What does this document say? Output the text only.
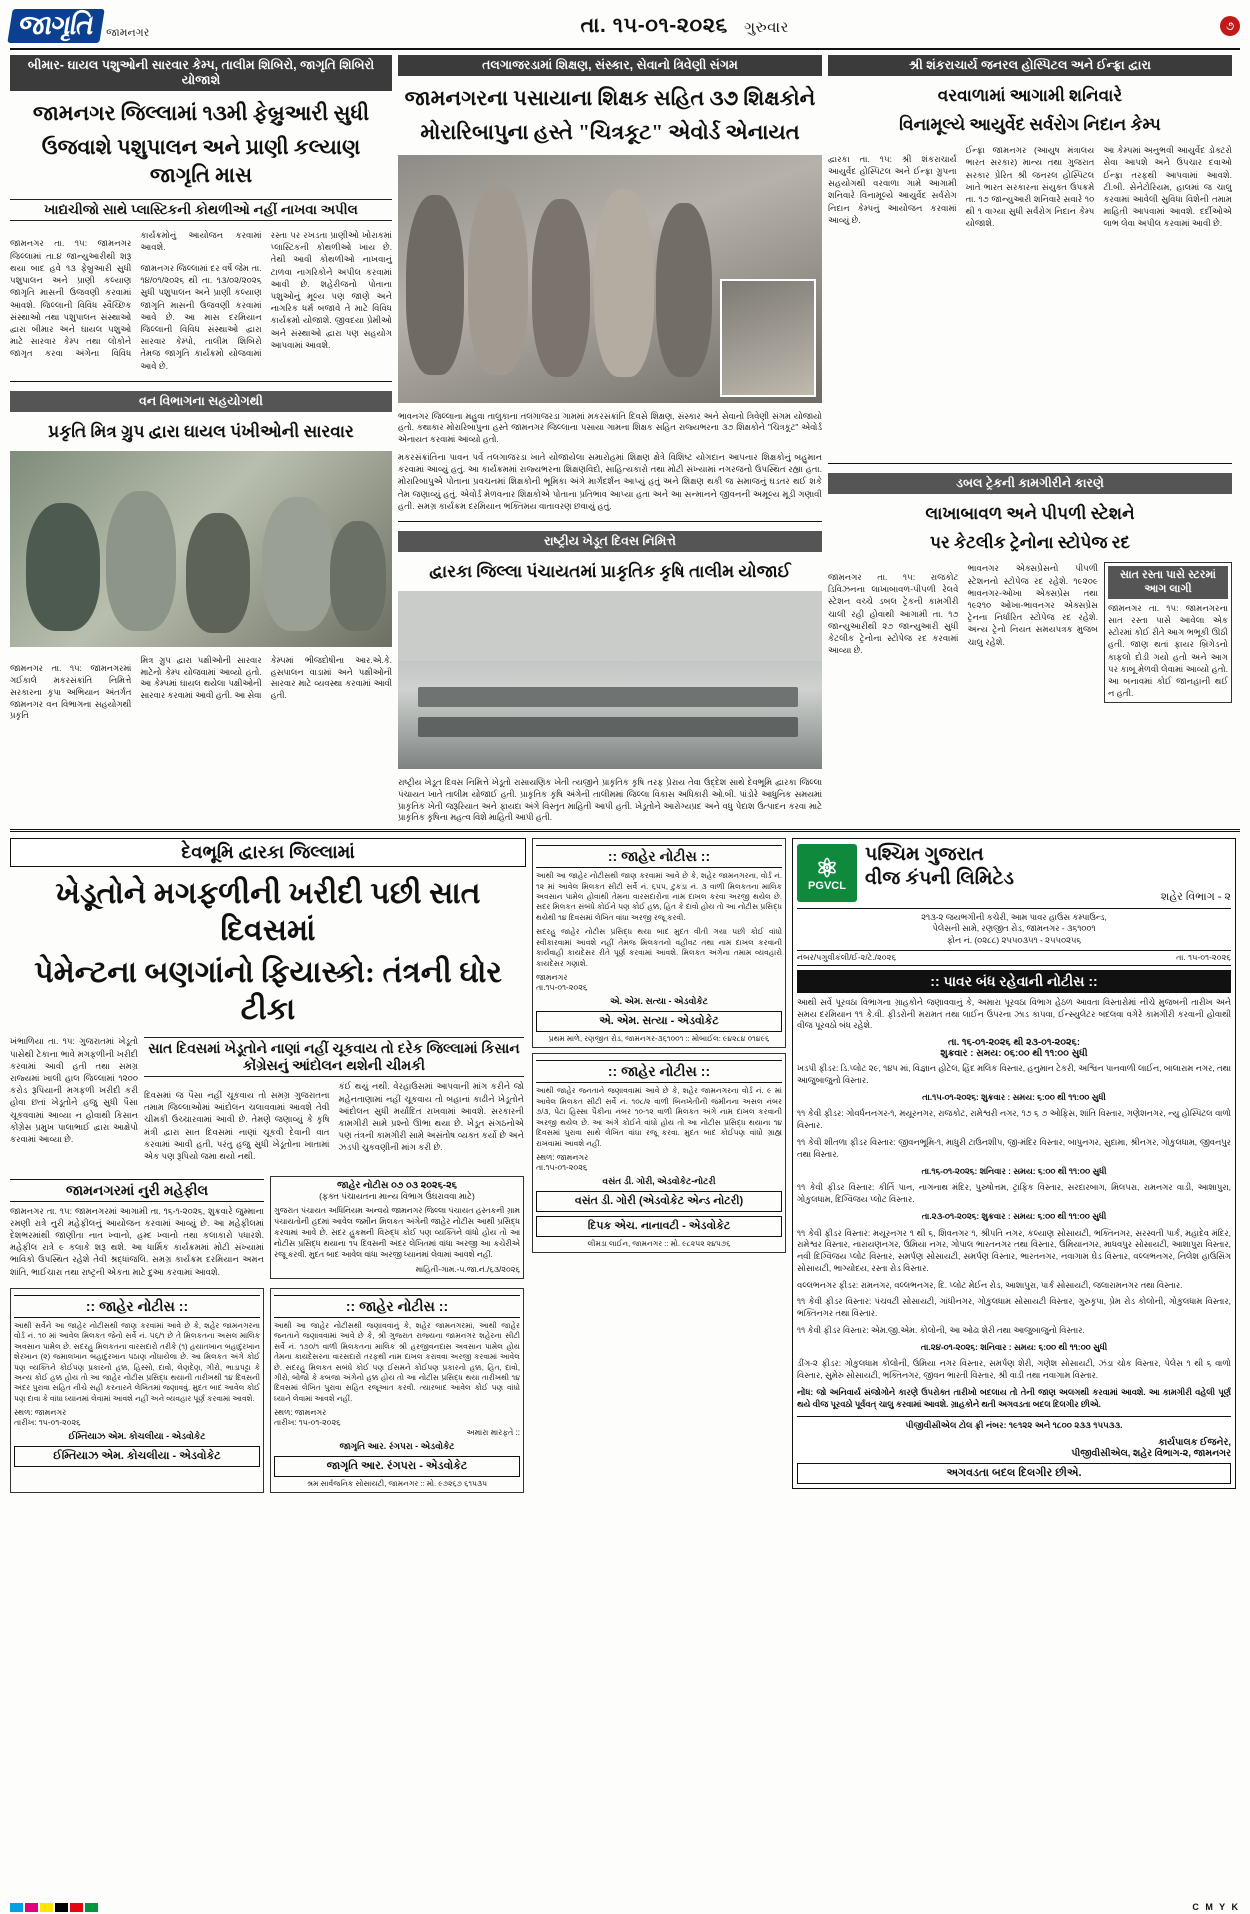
જાગૃતિ જામનગર	તા. ૧૫-૦૧-૨૦૨૬ ગુરુવાર	૭
બીમાર- ઘાયલ પશુઓની સારવાર કેમ્પ, તાલીમ શિબિરો, જાગૃતિ શિબિરો યોજાશે
જામનગર જિલ્લામાં ૧૩મી ફેબ્રુઆરી સુધી
ઉજવાશે પશુપાલન અને પ્રાણી કલ્યાણ જાગૃતિ માસ
ખાદ્યચીજો સાથે પ્લાસ્ટિકની કોથળીઓ નહીં નાખવા અપીલ

જામનગર તા. ૧૫: જામનગર જિલ્લામાં તા.૪ જાન્યુઆરીથી શરૂ થયા બાદ હવે ૧૩ ફેબ્રુઆરી સુધી પશુપાલન અને પ્રાણી કલ્યાણ જાગૃતિ માસની ઉજવણી કરવામાં આવશે. જિલ્લાની વિવિધ સ્વૈચ્છિક સંસ્થાઓ તથા પશુપાલન સંસ્થાઓ દ્વારા બીમાર અને ઘાયલ પશુઓ માટે સારવાર કેમ્પ તથા લોકોને જાગૃત કરવા અંગેના વિવિધ કાર્યક્રમોનું આયોજન કરવામાં આવશે.

જામનગર જિલ્લામાં દર વર્ષે જેમ તા. ૧૪/૦૧/૨૦૨૬ થી તા. ૧૩/૦૨/૨૦૨૬ સુધી પશુપાલન અને પ્રાણી કલ્યાણ જાગૃતિ માસની ઉજવણી કરવામાં આવે છે. આ માસ દરમિયાન જિલ્લાની વિવિધ સંસ્થાઓ દ્વારા સારવાર કેમ્પો, તાલીમ શિબિરો તેમજ જાગૃતિ કાર્યક્રમો યોજવામાં આવે છે.

રસ્તા પર રખડતા પ્રાણીઓ ખોરાકમાં પ્લાસ્ટિકની કોથળીઓ ખાય છે. તેથી આવી કોથળીઓ નાખવાનું ટાળવા નાગરિકોને અપીલ કરવામાં આવી છે. શહેરીજનો પોતાના પશુઓનું મૂલ્ય પણ જાણે અને નાગરિક ધર્મ બજાવે તે માટે વિવિધ કાર્યક્રમો યોજાશે. જીવદયા પ્રેમીઓ અને સંસ્થાઓ દ્વારા પણ સહયોગ આપવામાં આવશે.

વન વિભાગના સહયોગથી
પ્રકૃતિ મિત્ર ગ્રુપ દ્વારા ઘાયલ પંખીઓની સારવાર

જામનગર તા. ૧૫: જામનગરમાં ગઈકાલે મકરસંક્રાંતિ નિમિત્તે સરકારના કૃપા અભિયાન અંતર્ગત જામનગર વન વિભાગના સહયોગથી પ્રકૃતિ

મિત્ર ગ્રુપ દ્વારા પક્ષીઓની સારવાર માટેનો કેમ્પ યોજવામાં આવ્યો હતો. આ કેમ્પમાં ઘાયલ થયેલા પક્ષીઓની સારવાર કરવામાં આવી હતી. આ સેવા

કેમ્પમાં ભીજદોષીના આર.એ.કે. હસપાલન વાડામાં અને પક્ષીઓની સારવાર માટે વ્યવસ્થા કરવામાં આવી હતી.

તલગાજરડામાં શિક્ષણ, સંસ્કાર, સેવાનો ત્રિવેણી સંગમ
જામનગરના પસાયાના શિક્ષક સહિત ૩૭ શિક્ષકોને
મોરારિબાપુના હસ્તે "ચિત્રકૂટ" એવોર્ડ એનાયત
ભાવનગર જિલ્લાના મહુવા તાલુકાના તલગાજરડા ગામમાં મકરસંક્રાંતિ દિવસે શિક્ષણ, સંસ્કાર અને સેવાનો ત્રિવેણી સંગમ યોજાયો હતો. કથાકાર મોરારિબાપુના હસ્તે જામનગર જિલ્લાના પસાયા ગામના શિક્ષક સહિત રાજ્યભરના ૩૭ શિક્ષકોને "ચિત્રકૂટ" એવોર્ડ એનાયત કરવામાં આવ્યો હતો.
મકરસંક્રાંતિના પાવન પર્વે તલગાજરડા ખાતે યોજાયેલા સમારોહમાં શિક્ષણ ક્ષેત્રે વિશિષ્ટ યોગદાન આપનાર શિક્ષકોનું બહુમાન કરવામાં આવ્યું હતું. આ કાર્યક્રમમાં રાજ્યભરના શિક્ષણવિદો, સાહિત્યકારો તથા મોટી સંખ્યામાં નગરજનો ઉપસ્થિત રહ્યા હતા. મોરારિબાપુએ પોતાના પ્રવચનમાં શિક્ષકોની ભૂમિકા અંગે માર્ગદર્શન આપ્યું હતું અને શિક્ષણ થકી જ સમાજનું ઘડતર થઈ શકે તેમ જણાવ્યું હતું. એવોર્ડ મેળવનાર શિક્ષકોએ પોતાના પ્રતિભાવ આપ્યા હતા અને આ સન્માનને જીવનની અમૂલ્ય મૂડી ગણાવી હતી. સમગ્ર કાર્યક્રમ દરમિયાન ભક્તિમય વાતાવરણ છવાયું હતું.
રાષ્ટ્રીય ખેડૂત દિવસ નિમિત્તે
દ્વારકા જિલ્લા પંચાયતમાં પ્રાકૃતિક કૃષિ તાલીમ યોજાઈ
રાષ્ટ્રીય ખેડૂત દિવસ નિમિત્તે ખેડૂતો રાસાયણિક ખેતી ત્યજીને પ્રાકૃતિક કૃષિ તરફ પ્રેરાય તેવા ઉદ્દેશ સાથે દેવભૂમિ દ્વારકા જિલ્લા પંચાયત ખાતે તાલીમ યોજાઈ હતી. પ્રાકૃતિક કૃષિ અંગેની તાલીમમાં જિલ્લા વિકાસ અધિકારી ઓ.બી. પાંડોરે આધુનિક સમયમાં પ્રાકૃતિક ખેતી જરૂરિયાત અને ફાયદા અંગે વિસ્તૃત માહિતી આપી હતી. ખેડૂતોને આરોગ્યપ્રદ અને વધુ પેદાશ ઉત્પાદન કરવા માટે પ્રાકૃતિક કૃષિના મહત્વ વિશે માહિતી આપી હતી.
શ્રી શંકરાચાર્ય જનરલ હોસ્પિટલ અને ઈન્ફ્રા દ્વારા
વરવાળામાં આગામી શનિવારે
વિનામૂલ્યે આયુર્વેદ સર્વરોગ નિદાન કેમ્પ

દ્વારકા તા. ૧૫: શ્રી શંકરાચાર્ય આયુર્વેદ હોસ્પિટલ અને ઈન્ફ્રા ગ્રુપના સહયોગથી વરવાળા ગામે આગામી શનિવારે વિનામૂલ્યે આયુર્વેદ સર્વરોગ નિદાન કેમ્પનું આયોજન કરવામાં આવ્યું છે.

ઈન્ફ્રા જામનગર (આયુષ મંત્રાલય ભારત સરકાર) માન્ય તથા ગુજરાત સરકાર પ્રેરિત શ્રી જનરલ હોસ્પિટલ ખાતે ભારત સરકારના સંયુક્ત ઉપક્રમે તા. ૧૭ જાન્યુઆરી શનિવારે સવારે ૧૦ થી ૧ વાગ્યા સુધી સર્વરોગ નિદાન કેમ્પ યોજાશે.

આ કેમ્પમાં અનુભવી આયુર્વેદ ડોક્ટરો સેવા આપશે અને ઉપચાર દવાઓ ઈન્ફ્રા તરફથી આપવામાં આવશે. ટી.બી. સેનેટોરિયમ, હાલમાં જ ચાલુ કરવામાં આવેલી સુવિધા વિશેની તમામ માહિતી આપવામાં આવશે. દર્દીઓએ લાભ લેવા અપીલ કરવામાં આવી છે.

ડબલ ટ્રેકની કામગીરીને કારણે
લાખાબાવળ અને પીપળી સ્ટેશને
પર કેટલીક ટ્રેનોના સ્ટોપેજ રદ

જામનગર તા. ૧૫: રાજકોટ ડિવિઝનના લાખાબાવળ-પીપળી રેલવે સ્ટેશન વચ્ચે ડબલ ટ્રેકની કામગીરી ચાલી રહી હોવાથી આગામી તા. ૧૭ જાન્યુઆરીથી ૨૭ જાન્યુઆરી સુધી કેટલીક ટ્રેનોના સ્ટોપેજ રદ કરવામાં આવ્યા છે.

ભાવનગર એક્સપ્રેસનો પીપળી સ્ટેશનનો સ્ટોપેજ રદ રહેશે. ૧૯૨૦૯ ભાવનગર-ઓખા એક્સપ્રેસ તથા ૧૯૨૧૦ ઓખા-ભાવનગર એક્સપ્રેસ ટ્રેનના નિર્ધારિત સ્ટોપેજ રદ રહેશે. અન્ય ટ્રેનો નિયત સમયપત્રક મુજબ ચાલુ રહેશે.

સાત રસ્તા પાસે સ્ટરમાં આગ લાગી
જામનગર તા. ૧૫: જામનગરના સાત રસ્તા પાસે આવેલા એક સ્ટોરમાં કોઈ રીતે આગ ભભૂકી ઊઠી હતી. જાણ થતાં ફાયર બ્રિગેડનો કાફલો દોડી ગયો હતો અને આગ પર કાબૂ મેળવી લેવામાં આવ્યો હતો. આ બનાવમાં કોઈ જાનહાની થઈ ન હતી.
દેવભૂમિ દ્વારકા જિલ્લામાં
ખેડૂતોને મગફળીની ખરીદી પછી સાત દિવસમાં
પેમેન્ટના બણગાંનો ફિયાસ્કો: તંત્રની ઘોર ટીકા
ખંભાળિયા તા. ૧૫: ગુજરાતમાં ખેડૂતો પાસેથી ટેકાના ભાવે મગફળીની ખરીદી કરવામાં આવી હતી તથા સમગ્ર રાજ્યમાં ખાલી હાલ જિલ્લામાં ૧૨૦૦ કરોડ રૂપિયાની મગફળી ખરીદી કરી હોવા છતાં ખેડૂતોને હજુ સુધી પૈસા ચૂકવવામાં આવ્યા ન હોવાથી કિસાન કોંગ્રેસ પ્રમુખ પાલાભાઈ દ્વારા આક્ષેપો કરવામાં આવ્યા છે.
સાત દિવસમાં ખેડૂતોને નાણાં નહીં ચૂકવાય તો દરેક જિલ્લામાં કિસાન કોંગ્રેસનું આંદોલન થશેની ચીમકી

દિવસમાં જ પૈસા નહીં ચૂકવાય તો સમગ્ર ગુજરાતના તમામ જિલ્લાઓમાં આંદોલન ચલાવવામાં આવશે તેવી ચીમકી ઉચ્ચારવામાં આવી છે. તેમણે જણાવ્યું કે કૃષિ મંત્રી દ્વારા સાત દિવસમાં નાણાં ચૂકવી દેવાની વાત કરવામાં આવી હતી, પરંતુ હજુ સુધી ખેડૂતોના ખાતામાં એક પણ રૂપિયો જમા થયો નથી.

કંઈ થયું નથી. વેરહાઉસમાં આપવાની માંગ કરીને જો મહેનતાણામાં નહીં ચૂકવાય તો બહાનાં કાઢીને ખેડૂતોને આંદોલન સુધી મર્યાદિત રાખવામાં આવશે. સરકારની કામગીરી સામે પ્રશ્નો ઊભા થયા છે. ખેડૂત સંગઠનોએ પણ તંત્રની કામગીરી સામે અસંતોષ વ્યક્ત કર્યો છે અને ઝડપી ચુકવણીની માંગ કરી છે.

જામનગરમાં નુરી મહેફીલ
જામનગર તા. ૧૫: જામનગરમાં આગામી તા. ૧૬-૧-૨૦૨૬, શુક્રવારે જુમ્માના રમણી રાત્રે નુરી મહેફીલનું આયોજન કરવામાં આવ્યું છે. આ મહેફીલમાં દેશભરમાંથી જાણીતા નાત ખ્વાનો, હમ્દ ખ્વાનો તથા કલાકારો પધારશે. મહેફીલ રાત્રે ૯ કલાકે શરૂ થશે. આ ધાર્મિક કાર્યક્રમમાં મોટી સંખ્યામાં ભાવિકો ઉપસ્થિત રહેશે તેવી શ્રદ્ધાંજલિ. સમગ્ર કાર્યક્રમ દરમિયાન અમન શાંતિ, ભાઈચારા તથા રાષ્ટ્રની એકતા માટે દુઆ કરવામાં આવશે.
જાહેર નોટીસ ૦૭ ૦૩ ૨૦૨૬-૨૬
(ફક્ત પંચાયતના માન્ય વિભાગ ઉંઘરાવવા માટે)
ગુજરાત પંચાયત અધિનિયમ અન્વયે જામનગર જિલ્લા પંચાયત હસ્તકની ગ્રામ પંચાયતોની હદમાં આવેલ જમીન મિલકત અંગેની જાહેર નોટીસ આથી પ્રસિદ્ધ કરવામાં આવે છે. સદર હુકમની વિરુદ્ધ કોઈ પણ વ્યક્તિને વાંધો હોય તો આ નોટીસ પ્રસિદ્ધ થયાના ૧૫ દિવસની અંદર લેખિતમાં વાંધા અરજી આ કચેરીએ રજૂ કરવી. મુદત બાદ આવેલ વાંધા અરજી ધ્યાનમાં લેવામાં આવશે નહીં.
માહિતી-ગામ.-૫.જા.નં./૬૩/૨૦૨૬
:: જાહેર નોટીસ ::
આથી સર્વેને આ જાહેર નોટીસથી જાણ કરવામાં આવે છે કે, શહેર જામનગરના વોર્ડ નં. ૧૦ માં આવેલ મિલકત જેનો સર્વે નં. ૫૬/૧ છે તે મિલકતના અસલ માલિક અવસાન પામેલ છે. સદરહુ મિલકતના વારસદારો તરીકે (૧) હયાતખાન બહાદુરખાન શેરખાન (૨) જમાલખાન બહાદુરખાન પઠાણ નોંધાયેલા છે. આ મિલકત અંગે કોઈ પણ વ્યક્તિને કોઈપણ પ્રકારનો હક્ક, હિસ્સો, દાવો, લેણદેણ, ગીરો, ભાડાપટ્ટા કે અન્ય કોઈ હક્ક હોય તો આ જાહેર નોટીસ પ્રસિદ્ધ થયાની તારીખથી ૧૪ દિવસની અંદર પુરાવા સહિત નીચે સહી કરનારને લેખિતમાં જણાવવું. મુદત બાદ આવેલ કોઈ પણ દાવા કે વાંધા ધ્યાનમાં લેવામાં આવશે નહીં અને વ્યવહાર પૂર્ણ કરવામાં આવશે.
સ્થળ: જામનગર
તારીખ: ૧૫-૦૧-૨૦૨૬
ઈમ્તિયાઝ એમ. કોચલીયા - એડવોકેટ
ઈમ્તિયાઝ એમ. કોચલીયા - એડવોકેટ
:: જાહેર નોટીસ ::
આથી આ જાહેર નોટીસથી જણાવવાનું કે, શહેર જામનગરમાં, આથી જાહેર જનતાને જણાવવામાં આવે છે કે, શ્રી ગુજરાત રાજ્યના જામનગર શહેરના સીટી સર્વે નં. ૧૭૦/૧ વાળી મિલકતના માલિક શ્રી હરજીવનદાસ અવસાન પામેલ હોય તેમના કાયદેસરના વારસદારો તરફથી નામ દાખલ કરાવવા અરજી કરવામાં આવેલ છે. સદરહુ મિલકત સબંધે કોઈ પણ ઈસમને કોઈપણ પ્રકારનો હક્ક, હિત, દાવો, ગીરો, બોજો કે કબજા અંગેનો હક્ક હોય તો આ નોટીસ પ્રસિદ્ધ થયા તારીખથી ૧૪ દિવસમાં લેખિત પુરાવા સહિત રજૂઆત કરવી. ત્યારબાદ આવેલ કોઈ પણ વાંધો ધ્યાને લેવામાં આવશે નહીં.
સ્થળ: જામનગર
તારીખ: ૧૫-૦૧-૨૦૨૬
અમારા મારફતે ::
જાગૃતિ આર. રંગપરા - એડવોકેટ
જાગૃતિ આર. રંગપરા - એડવોકેટ
શ્રમ સાર્વજનિક સોસાયટી, જામનગર :: મો. ૯૭૨૬૭ ૬૧૫૩૫
:: જાહેર નોટીસ ::
આથી આ જાહેર નોટીસથી જાણ કરવામાં આવે છે કે, શહેર જામનગરના, વોર્ડ નં. ૧૨ માં આવેલ મિલકત સીટી સર્વે નં. ૬૫૫, ટુકડા નં. ૩ વાળી મિલકતના માલિક અવસાન પામેલ હોવાથી તેમના વારસદારોના નામ દાખલ કરવા અરજી થયેલ છે. સદર મિલકત સંબંધે કોઈને પણ કોઈ હક્ક, હિત કે દાવો હોય તો આ નોટીસ પ્રસિદ્ધ થયેથી ૧૪ દિવસમાં લેખિત વાંધા અરજી રજૂ કરવી.
સદરહુ જાહેર નોટીસ પ્રસિદ્ધ થયા બાદ મુદત વીતી ગયા પછી કોઈ વાંધો સ્વીકારવામાં આવશે નહીં તેમજ મિલકતનો વહીવટ તથા નામ દાખલ કરવાની કાર્યવાહી કાયદેસર રીતે પૂર્ણ કરવામાં આવશે. મિલકત અંગેના તમામ વ્યવહારો કાયદેસર ગણાશે.
જામનગર
તા.૧૫-૦૧-૨૦૨૬
એ. એમ. સત્યા - એડવોકેટ
એ. એમ. સત્યા - એડવોકેટ
પ્રથમ માળે, રણજીત રોડ, જામનગર-૩૬૧૦૦૧ :: મોબાઈલ: ૯૪૨૮૪ ૦૧૪૯૬
:: જાહેર નોટીસ ::
આથી જાહેર જનતાને જણાવવામાં આવે છે કે, શહેર જામનગરના વોર્ડ નં. ૯ માં આવેલ મિલકત સીટી સર્વે નં. ૧૦૮/૨ વાળી બિનખેતીની જમીનના અસલ નંબર ૭/૩, પેટા હિસ્સા પૈકીના નંબર ૧૦-૧૨ વાળી મિલકત અંગે નામ દાખલ કરવાની અરજી થયેલ છે. આ અંગે કોઈને વાંધો હોય તો આ નોટીસ પ્રસિદ્ધ થયાના ૧૪ દિવસમાં પુરાવા સાથે લેખિત વાંધા રજૂ કરવા. મુદત બાદ કોઈપણ વાંધો ગ્રાહ્ય રાખવામાં આવશે નહીં.
સ્થળ: જામનગર
તા.૧૫-૦૧-૨૦૨૬
વસંત ડી. ગોરી, એડવોકેટ-નોટરી
વસંત ડી. ગોરી (એડવોકેટ એન્ડ નોટરી)
દિપક એચ. નાનાવટી - એડવોકેટ
લીમડા લાઈન, જામનગર :: મો. ૯૮૨૫૨ ૨૪૫૭૬
⚛
PGVCL
પશ્ચિમ ગુજરાત
વીજ કંપની લિમિટેડ
શહેર વિભાગ - ૨
૨૧૩-૨ જયભગીની કચેરી, આમ પાવર હાઉસ કમ્પાઉન્ડ,
પેલેસની સામે, રણજીત રોડ, જામનગર - ૩૬૧૦૦૧
ફોન નં. (૦૨૮૮) ૨૫૫૦૩૫૧ - ૨૫૫૦૨૫૬
નંબર/પગુવીકંલી/ઈ-૨/ટે./૨૦૨૬	તા. ૧૫-૦૧-૨૦૨૬
:: પાવર બંધ રહેવાની નોટીસ ::
આથી સર્વે પૂરવઠા વિભાગના ગ્રાહકોને જણાવવાનું કે, અમારા પૂરવઠા વિભાગ હેઠળ આવતા વિસ્તારોમાં નીચે મુજબની તારીખ અને સમય દરમિયાન ૧૧ કે.વી. ફીડરોની મરામત તથા લાઈન ઉપરના ઝાડ કાપવા, ઈન્સ્યુલેટર બદલવા વગેરે કામગીરી કરવાની હોવાથી વીજ પૂરવઠો બંધ રહેશે.
તા. ૧૬-૦૧-૨૦૨૬ થી ૨૩-૦૧-૨૦૨૬:
શુક્રવાર : સમય: ૦૬:૦૦ થી ૧૧:૦૦ સુધી
ખડપી ફીડર: ડિ.પ્લોટ ૨૯, ૧૪૫ માં, વિજ્ઞાન હોટેલ, હિંદ મલિક વિસ્તાર, હનુમાન ટેકરી, અશ્વિન પાનવાળી લાઈન, બાલારામ નગર, તથા આજુબાજુનો વિસ્તાર.
તા.૧૫-૦૧-૨૦૨૬: શુક્રવાર : સમય: ૬:૦૦ થી ૧૧:૦૦ સુધી
૧૧ કેવી ફીડર: ગોવર્ધનનગર-૧, મયૂરનગર, રાજકોટ, રામેશ્વરી નગર, ૧૭ ૬ ૭ ઓફિસ, શાંતિ વિસ્તાર, ગણેશનગર, ન્યુ હોસ્પિટલ વાળો વિસ્તાર.
૧૧ કેવી શીતળા ફીડર વિસ્તાર: જીવનભૂમિ-૧, માધુરી ટાઉનશીપ, જી-મંદિર વિસ્તાર, બાપુનગર, સુદામા, શ્રીનગર, ગોકુલધામ, જીવનપુર તથા વિસ્તાર.
તા.૧૬-૦૧-૨૦૨૬: શનિવાર : સમય: ૬:૦૦ થી ૧૧:૦૦ સુધી
૧૧ કેવી ફીડર વિસ્તાર: કીર્તિ પાન, નાગનાથ મંદિર, પુરુષોત્તમ, ટ્રાફિક વિસ્તાર, સરદારબાગ, મિલપરા, રામનગર વાડી, આશાપુરા, ગોકુલધામ, દિગ્વિજય પ્લોટ વિસ્તાર.
તા.૨૩-૦૧-૨૦૨૬: શુક્રવાર : સમય: ૬:૦૦ થી ૧૧:૦૦ સુધી
૧૧ કેવી ફીડર વિસ્તાર: મયૂરનગર ૧ થી ૬, શિવનગર ૧, શ્રીપતિ નગર, કલ્યાણ સોસાયટી, ભક્તિનગર, સરસ્વતી પાર્ક, મહાદેવ મંદિર, રામેશ્વર વિસ્તાર, નારાયણનગર, ઉમિયા નગર, ગોપાલ ભારતનગર તથા વિસ્તાર, ઉમિયાનગર, માધવપુર સોસાયટી, આશાપુરા વિસ્તાર, નવી દિગ્વિજય પ્લોટ વિસ્તાર, સમર્પણ સોસાયટી, સમર્પણ વિસ્તાર, ભારતનગર, નવાગામ ઘેડ વિસ્તાર, વલ્લભનગર, નિલેશ હાઉસિંગ સોસાયટી, ભાગ્યોદય, રસ્તા રોડ વિસ્તાર.
વલ્લભનગર ફીડર: રામનગર, વલ્લભનગર, દિ. પ્લોટ મેઈન રોડ, આશાપુરા, પાર્ક સોસાયટી, જલારામનગર તથા વિસ્તાર.
૧૧ કેવી ફીડર વિસ્તાર: પંચવટી સોસાયટી, ગાંધીનગર, ગોકુલધામ સોસાયટી વિસ્તાર, ગુરુકૃપા, પ્રેમ રોડ કોલોની, ગોકુલધામ વિસ્તાર, ભક્તિનગર તથા વિસ્તાર.
૧૧ કેવી ફીડર વિસ્તાર: એમ.જી.એમ. કોલોની, આ ઓઢા શેરી તથા આજુબાજુનો વિસ્તાર.
તા.૨૪-૦૧-૨૦૨૬: શનિવાર : સમય: ૬:૦૦ થી ૧૧:૦૦ સુધી
ડીંગ-૨ ફીડર: ગોકુલધામ કોલોની, ઉમિયા નગર વિસ્તાર, સમર્પણ શેરી, ગણેશ સોસાયટી, ઝંડા ચોક વિસ્તાર, પેલેસ ૧ થી ૬ વાળો વિસ્તાર, સુમેરુ સોસાયટી, ભક્તિનગર, જીવન ભારતી વિસ્તાર, શ્રી વાડી તથા નવાગામ વિસ્તાર.
નોંધ: જો અનિવાર્ય સંજોગોને કારણે ઉપરોક્ત તારીખો બદલાય તો તેની જાણ અલગથી કરવામાં આવશે. આ કામગીરી વહેલી પૂર્ણ થયે વીજ પૂરવઠો પૂર્વવત્ ચાલુ કરવામાં આવશે. ગ્રાહકોને થતી અગવડતા બદલ દિલગીર છીએ.
પીજીવીસીએલ ટોલ ફ્રી નંબર: ૧૯૧૨૨ અને ૧૮૦૦ ૨૩૩ ૧૫૫૩૩.
કાર્યપાલક ઈજનેર,
પીજીવીસીએલ, શહેર વિભાગ-૨, જામનગર
અગવડતા બદલ દિલગીર છીએ.
C M Y K
